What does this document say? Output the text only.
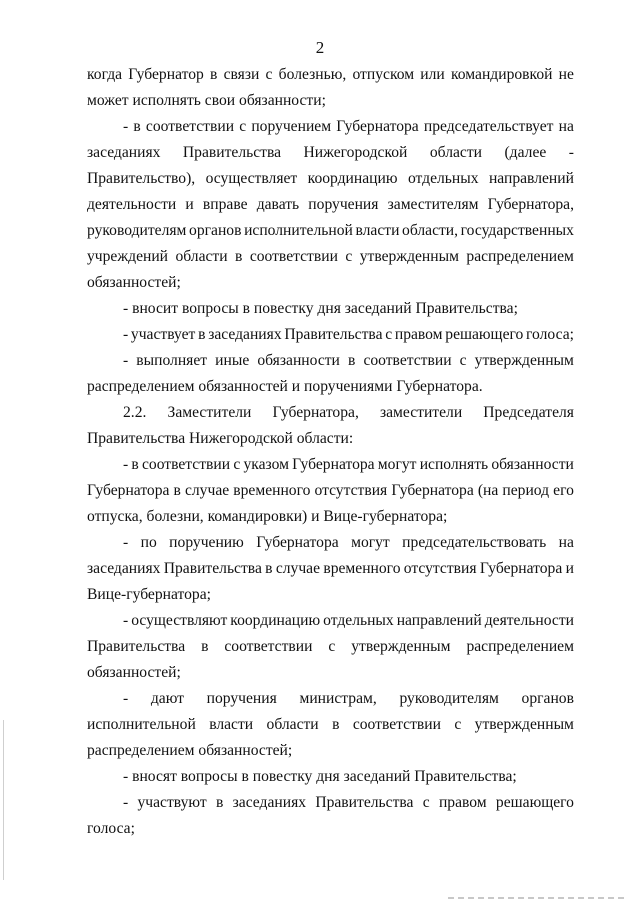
2
когда Губернатор в связи с болезнью, отпуском или командировкой не
может исполнять свои обязанности;
- в соответствии с поручением Губернатора председательствует на
заседаниях Правительства Нижегородской области (далее -
Правительство), осуществляет координацию отдельных направлений
деятельности и вправе давать поручения заместителям Губернатора,
руководителям органов исполнительной власти области, государственных
учреждений области в соответствии с утвержденным распределением
обязанностей;
- вносит вопросы в повестку дня заседаний Правительства;
- участвует в заседаниях Правительства с правом решающего голоса;
- выполняет иные обязанности в соответствии с утвержденным
распределением обязанностей и поручениями Губернатора.
2.2. Заместители Губернатора, заместители Председателя
Правительства Нижегородской области:
- в соответствии с указом Губернатора могут исполнять обязанности
Губернатора в случае временного отсутствия Губернатора (на период его
отпуска, болезни, командировки) и Вице-губернатора;
- по поручению Губернатора могут председательствовать на
заседаниях Правительства в случае временного отсутствия Губернатора и
Вице-губернатора;
- осуществляют координацию отдельных направлений деятельности
Правительства в соответствии с утвержденным распределением
обязанностей;
- дают поручения министрам, руководителям органов
исполнительной власти области в соответствии с утвержденным
распределением обязанностей;
- вносят вопросы в повестку дня заседаний Правительства;
- участвуют в заседаниях Правительства с правом решающего
голоса;
